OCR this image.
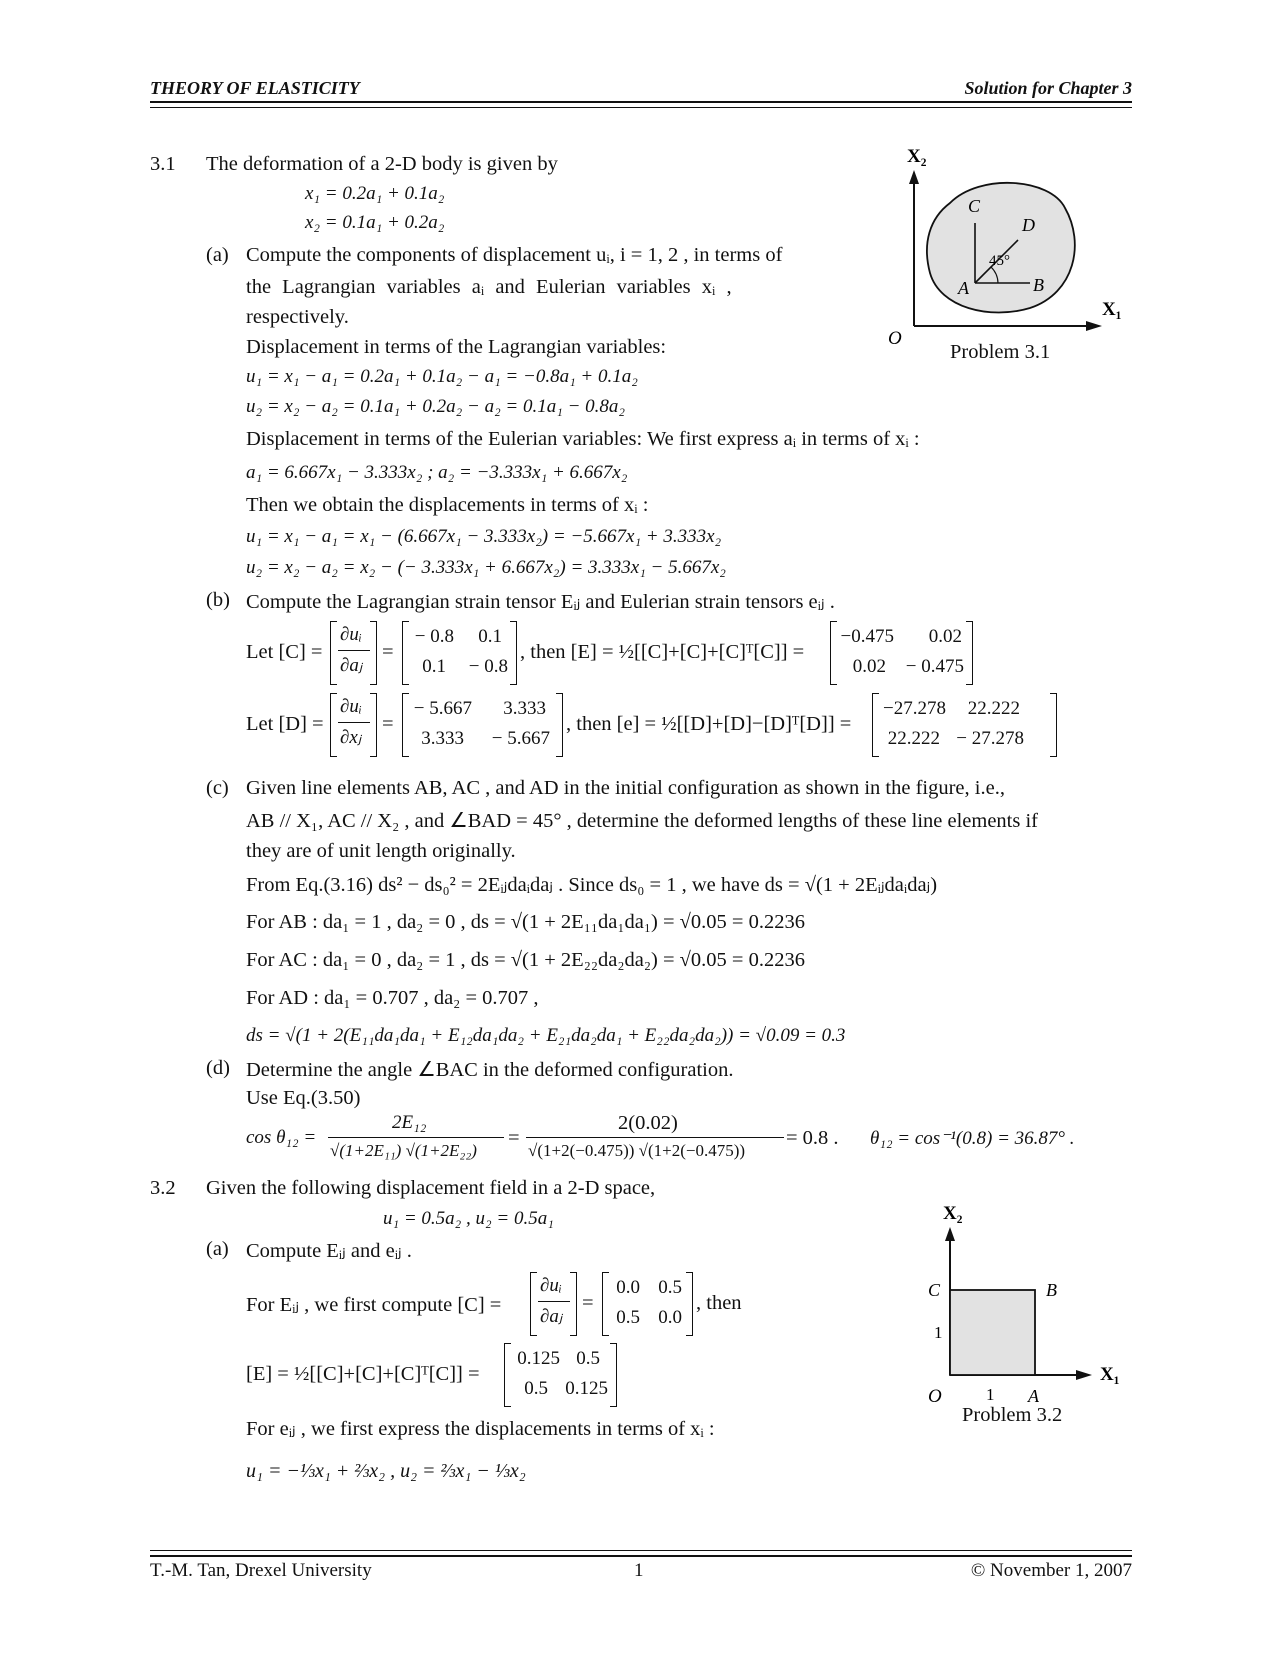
THEORY OF ELASTICITY	Solution for Chapter 3
3.1 The deformation of a 2-D body is given by
x₁ = 0.2a₁ + 0.1a₂
x₂ = 0.1a₁ + 0.2a₂
(a) Compute the components of displacement uᵢ, i = 1, 2 , in terms of
the Lagrangian variables aᵢ and Eulerian variables xᵢ ,
respectively.
Displacement in terms of the Lagrangian variables:
u₁ = x₁ − a₁ = 0.2a₁ + 0.1a₂ − a₁ = −0.8a₁ + 0.1a₂
u₂ = x₂ − a₂ = 0.1a₁ + 0.2a₂ − a₂ = 0.1a₁ − 0.8a₂
Displacement in terms of the Eulerian variables: We first express aᵢ in terms of xᵢ :
a₁ = 6.667x₁ − 3.333x₂ ; a₂ = −3.333x₁ + 6.667x₂
Then we obtain the displacements in terms of xᵢ :
u₁ = x₁ − a₁ = x₁ − (6.667x₁ − 3.333x₂) = −5.667x₁ + 3.333x₂
u₂ = x₂ − a₂ = x₂ − (− 3.333x₁ + 6.667x₂) = 3.333x₁ − 5.667x₂
X₂
X₁
O
A	B
C
D
45°
Problem 3.1
(b) Compute the Lagrangian strain tensor Eᵢⱼ and Eulerian strain tensors eᵢⱼ .
Let [C] =
∂uᵢ
∂aⱼ
=
− 0.8	0.1
0.1	− 0.8
, then [E] = ½[[C]+[C]+[C]ᵀ[C]] =
−0.475	0.02
0.02	− 0.475
Let [D] =
∂uᵢ
∂xⱼ
=
− 5.667	3.333
3.333	− 5.667
, then [e] = ½[[D]+[D]−[D]ᵀ[D]] =
−27.278	22.222
22.222 − 27.278
(c) Given line elements AB, AC , and AD in the initial configuration as shown in the figure, i.e.,
AB // X₁, AC // X₂ , and ∠BAD = 45° , determine the deformed lengths of these line elements if
they are of unit length originally.
From Eq.(3.16) ds² − ds₀² = 2Eᵢⱼdaᵢdaⱼ . Since ds₀ = 1 , we have ds = √(1 + 2Eᵢⱼdaᵢdaⱼ)
For AB : da₁ = 1 , da₂ = 0 , ds = √(1 + 2E₁₁da₁da₁) = √0.05 = 0.2236
For AC : da₁ = 0 , da₂ = 1 , ds = √(1 + 2E₂₂da₂da₂) = √0.05 = 0.2236
For AD : da₁ = 0.707 , da₂ = 0.707 ,
ds = √(1 + 2(E₁₁da₁da₁ + E₁₂da₁da₂ + E₂₁da₂da₁ + E₂₂da₂da₂)) = √0.09 = 0.3
(d) Determine the angle ∠BAC in the deformed configuration.
Use Eq.(3.50)
cos θ₁₂ =
2E₁₂
√(1+2E₁₁) √(1+2E₂₂)
=
2(0.02)
√(1+2(−0.475)) √(1+2(−0.475))
= 0.8 . θ₁₂ = cos⁻¹(0.8) = 36.87° .
3.2 Given the following displacement field in a 2-D space,
u₁ = 0.5a₂ , u₂ = 0.5a₁
(a) Compute Eᵢⱼ and eᵢⱼ .
For Eᵢⱼ , we first compute [C] =
∂uᵢ
∂aⱼ
=
0.0 0.5
0.5 0.0
, then
[E] = ½[[C]+[C]+[C]ᵀ[C]] =
0.125 0.5
0.5 0.125
For eᵢⱼ , we first express the displacements in terms of xᵢ :
u₁ = −⅓x₁ + ⅔x₂ , u₂ = ⅔x₁ − ⅓x₂
X₂
X₁
O	A
B
C
1
1
Problem 3.2
T.-M. Tan, Drexel University	1	© November 1, 2007
